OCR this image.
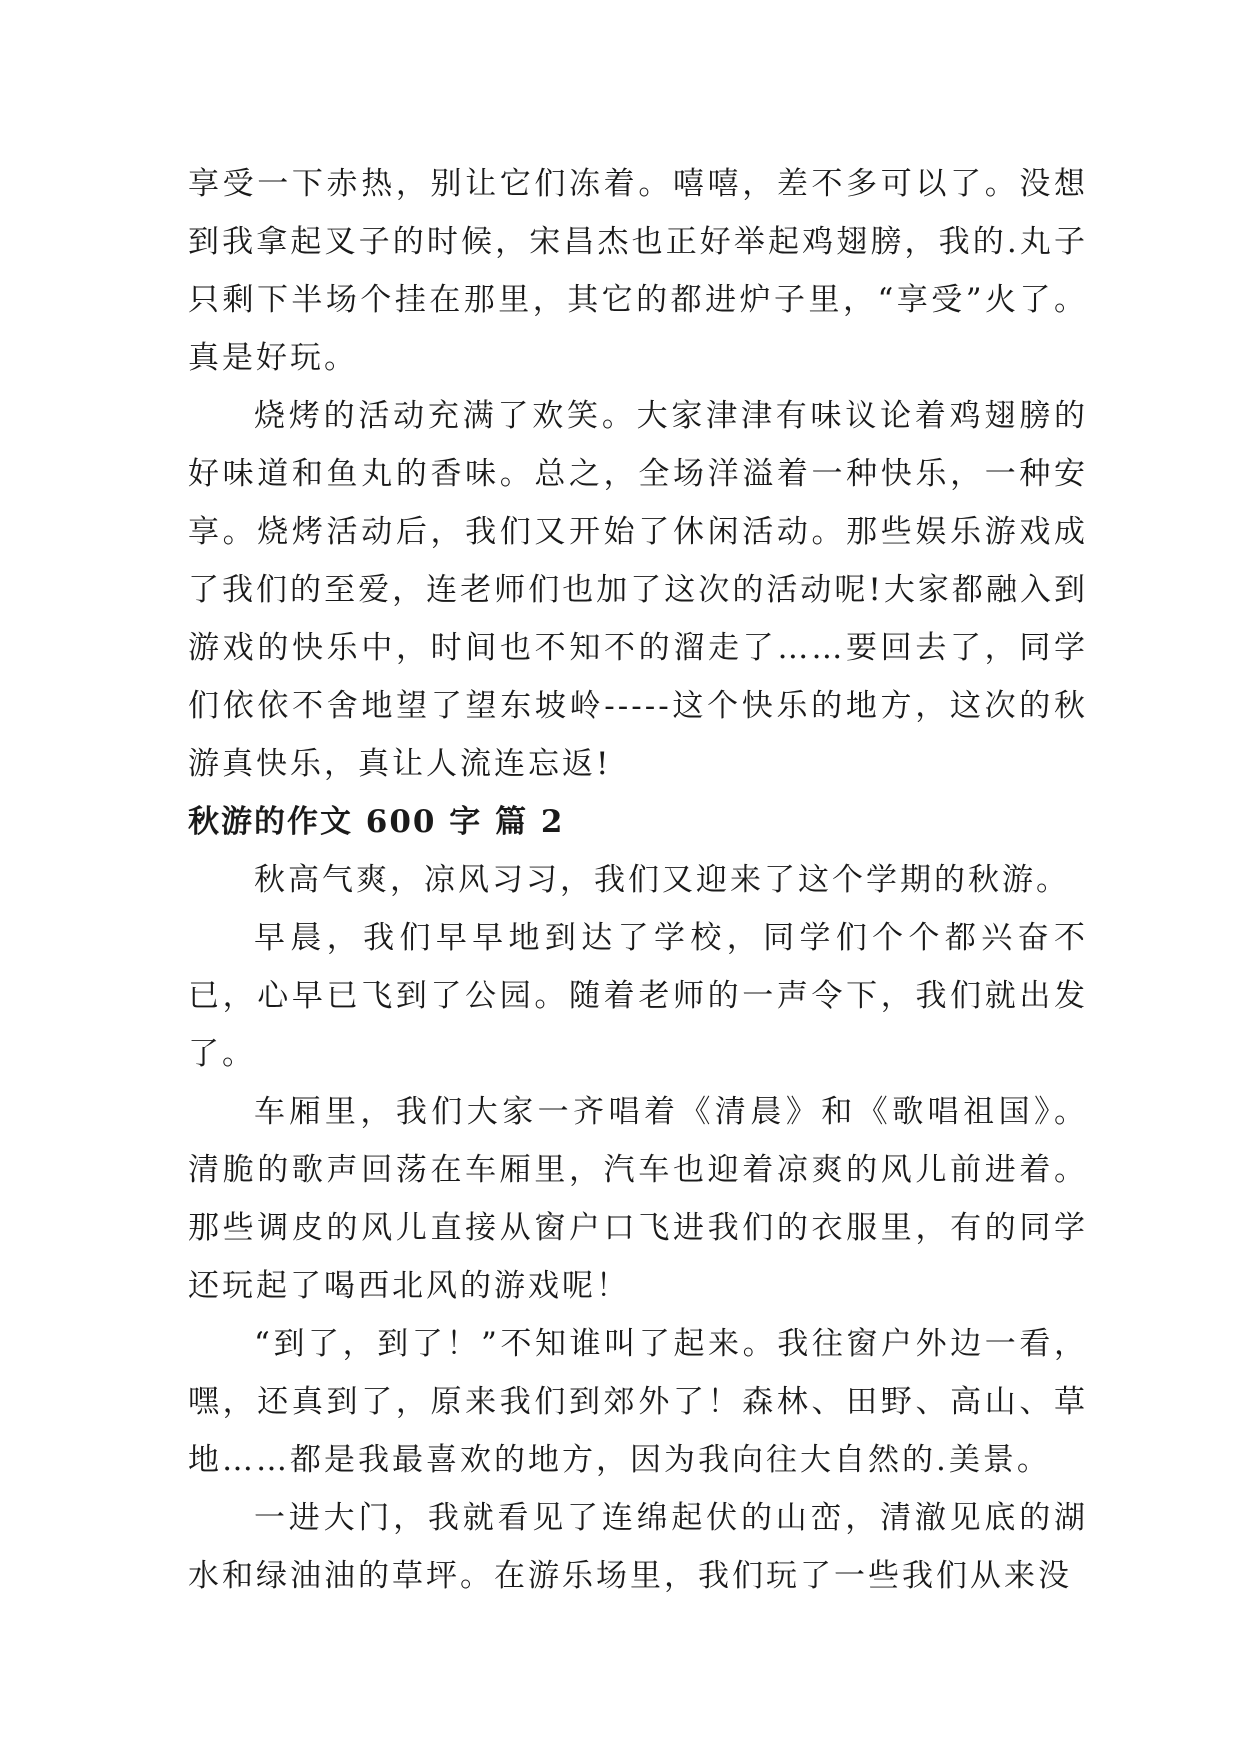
享受一下赤热，别让它们冻着。嘻嘻，差不多可以了。没想到我拿起叉子的时候，宋昌杰也正好举起鸡翅膀，我的.丸子只剩下半场个挂在那里，其它的都进炉子里，“享受”火了。真是好玩。

烧烤的活动充满了欢笑。大家津津有味议论着鸡翅膀的好味道和鱼丸的香味。总之，全场洋溢着一种快乐，一种安享。烧烤活动后，我们又开始了休闲活动。那些娱乐游戏成了我们的至爱，连老师们也加了这次的活动呢!大家都融入到游戏的快乐中，时间也不知不的溜走了……要回去了，同学们依依不舍地望了望东坡岭-----这个快乐的地方，这次的秋游真快乐，真让人流连忘返!

秋游的作文 600 字 篇 2

秋高气爽，凉风习习，我们又迎来了这个学期的秋游。

早晨，我们早早地到达了学校，同学们个个都兴奋不已，心早已飞到了公园。随着老师的一声令下，我们就出发了。

车厢里，我们大家一齐唱着《清晨》和《歌唱祖国》。清脆的歌声回荡在车厢里，汽车也迎着凉爽的风儿前进着。那些调皮的风儿直接从窗户口飞进我们的衣服里，有的同学还玩起了喝西北风的游戏呢！

“到了，到了！”不知谁叫了起来。我往窗户外边一看，嘿，还真到了，原来我们到郊外了！森林、田野、高山、草地……都是我最喜欢的地方，因为我向往大自然的.美景。

一进大门，我就看见了连绵起伏的山峦，清澈见底的湖水和绿油油的草坪。在游乐场里，我们玩了一些我们从来没
